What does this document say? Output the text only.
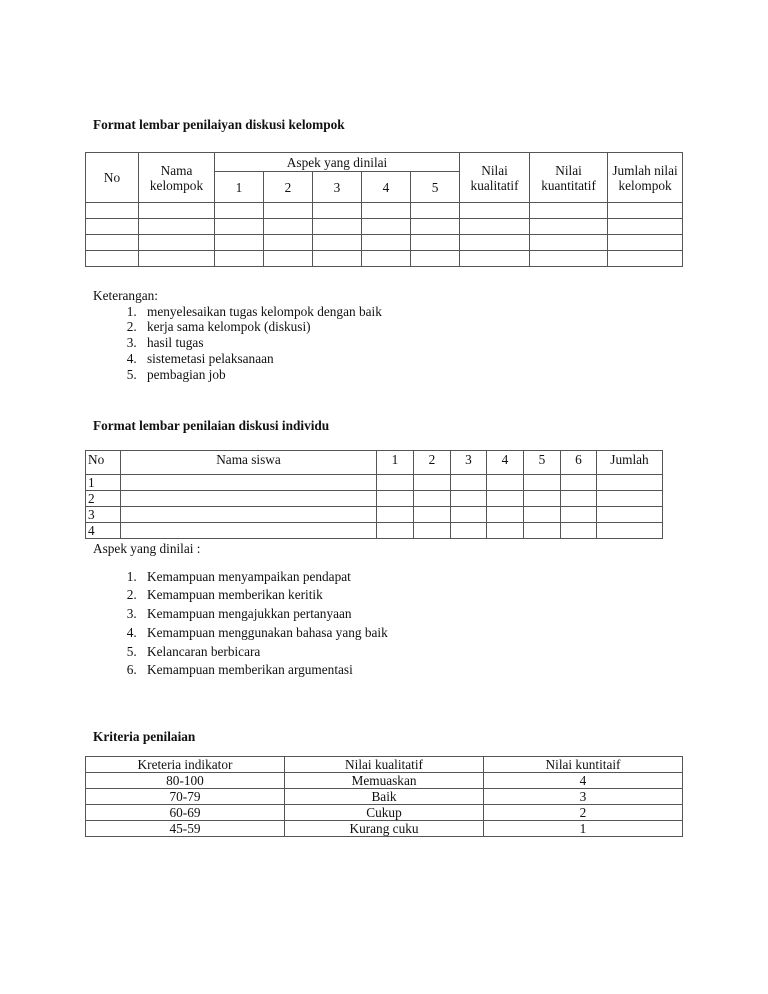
Format lembar penilaiyan diskusi kelompok
No	Nama kelompok	Aspek yang dinilai					Nilai kualitatif	Nilai kuantitatif	Jumlah nilai kelompok
		1	2	3	4	5			

Keterangan:
1. menyelesaikan tugas kelompok dengan baik
2. kerja sama kelompok (diskusi)
3. hasil tugas
4. sistemetasi pelaksanaan
5. pembagian job
Format lembar penilaian diskusi individu
No	Nama siswa	1	2	3	4	5	6	Jumlah
1								
2								
3								
4								
Aspek yang dinilai :
1. Kemampuan menyampaikan pendapat
2. Kemampuan memberikan keritik
3. Kemampuan mengajukkan pertanyaan
4. Kemampuan menggunakan bahasa yang baik
5. Kelancaran berbicara
6. Kemampuan memberikan argumentasi
Kriteria penilaian
Kreteria indikator	Nilai kualitatif	Nilai kuntitaif
80-100	Memuaskan	4
70-79	Baik	3
60-69	Cukup	2
45-59	Kurang cuku	1
